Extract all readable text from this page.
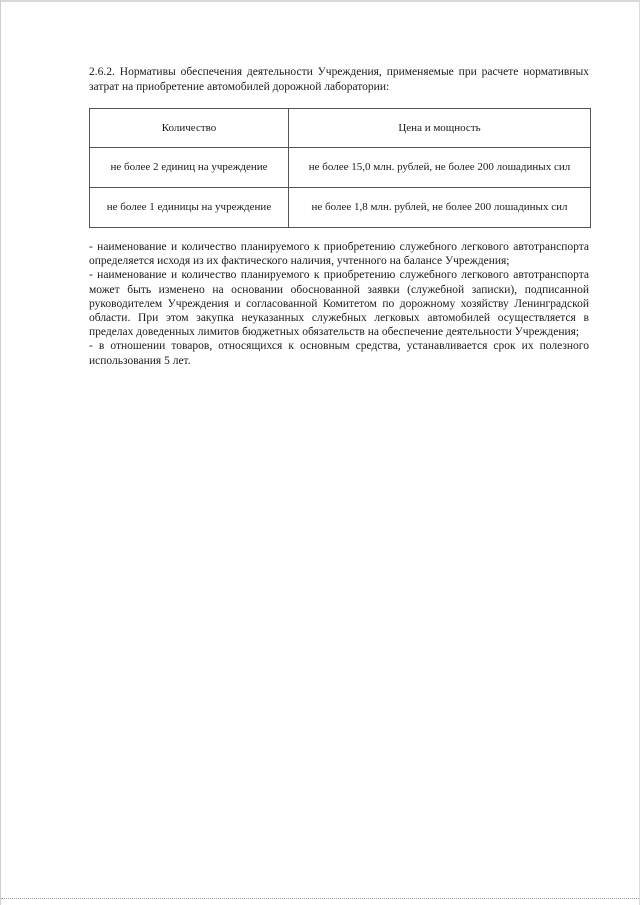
2.6.2. Нормативы обеспечения деятельности Учреждения, применяемые при расчете нормативных затрат на приобретение автомобилей дорожной лаборатории:
Количество	Цена и мощность
не более 2 единиц на учреждение	не более 15,0 млн. рублей, не более 200 лошадиных сил
не более 1 единицы на учреждение	не более 1,8 млн. рублей, не более 200 лошадиных сил

- наименование и количество планируемого к приобретению служебного легкового автотранспорта определяется исходя из их фактического наличия, учтенного на балансе Учреждения;

- наименование и количество планируемого к приобретению служебного легкового автотранспорта может быть изменено на основании обоснованной заявки (служебной записки), подписанной руководителем Учреждения и согласованной Комитетом по дорожному хозяйству Ленинградской области. При этом закупка неуказанных служебных легковых автомобилей осуществляется в пределах доведенных лимитов бюджетных обязательств на обеспечение деятельности Учреждения;

- в отношении товаров, относящихся к основным средства, устанавливается срок их полезного использования 5 лет.
